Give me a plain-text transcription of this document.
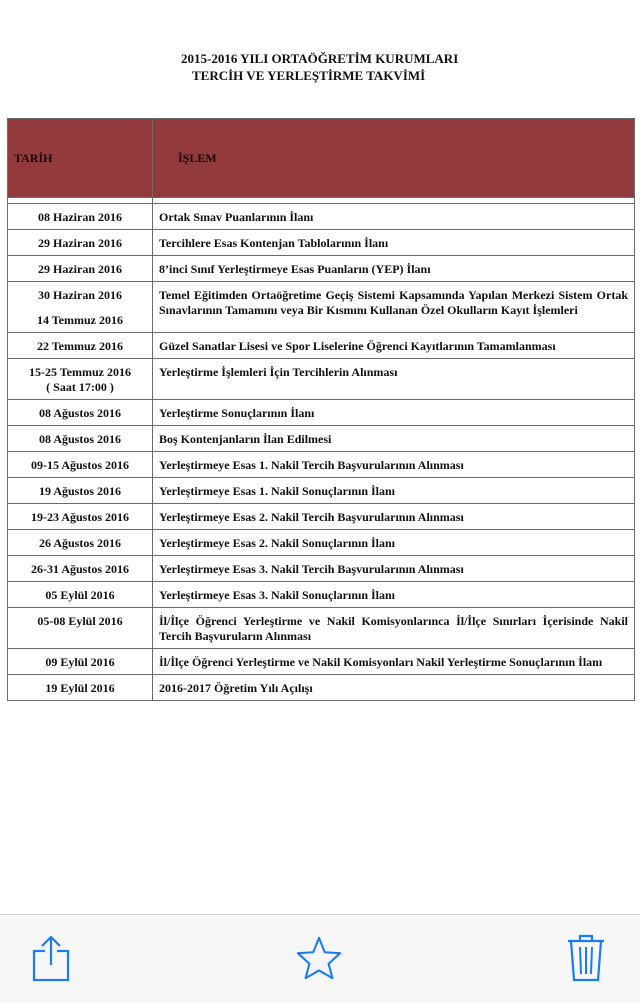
2015-2016 YILI ORTAÖĞRETİM KURUMLARI
TERCİH VE YERLEŞTİRME TAKVİMİ
TARİH	İŞLEM

08 Haziran 2016	Ortak Sınav Puanlarının İlanı

29 Haziran 2016	Tercihlere Esas Kontenjan Tablolarının İlanı

29 Haziran 2016	8’inci Sınıf Yerleştirmeye Esas Puanların (YEP) İlanı

30 Haziran 2016
14 Temmuz 2016	Temel Eğitimden Ortaöğretime Geçiş Sistemi Kapsamında Yapılan Merkezi Sistem Ortak Sınavlarının Tamamını veya Bir Kısmını Kullanan Özel Okulların Kayıt İşlemleri

22 Temmuz 2016	Güzel Sanatlar Lisesi ve Spor Liselerine Öğrenci Kayıtlarının Tamamlanması

15-25 Temmuz 2016
( Saat 17:00 )	Yerleştirme İşlemleri İçin Tercihlerin Alınması

08 Ağustos 2016	Yerleştirme Sonuçlarının İlanı

08 Ağustos 2016	Boş Kontenjanların İlan Edilmesi

09-15 Ağustos 2016	Yerleştirmeye Esas 1. Nakil Tercih Başvurularının Alınması

19 Ağustos 2016	Yerleştirmeye Esas 1. Nakil Sonuçlarının İlanı

19-23 Ağustos 2016	Yerleştirmeye Esas 2. Nakil Tercih Başvurularının Alınması

26 Ağustos 2016	Yerleştirmeye Esas 2. Nakil Sonuçlarının İlanı

26-31 Ağustos 2016	Yerleştirmeye Esas 3. Nakil Tercih Başvurularının Alınması

05 Eylül 2016	Yerleştirmeye Esas 3. Nakil Sonuçlarının İlanı

05-08 Eylül 2016	İl/İlçe Öğrenci Yerleştirme ve Nakil Komisyonlarınca İl/İlçe Sınırları İçerisinde Nakil Tercih Başvuruların Alınması

09 Eylül 2016	İl/İlçe Öğrenci Yerleştirme ve Nakil Komisyonları Nakil Yerleştirme Sonuçlarının İlanı

19 Eylül 2016	2016-2017 Öğretim Yılı Açılışı
